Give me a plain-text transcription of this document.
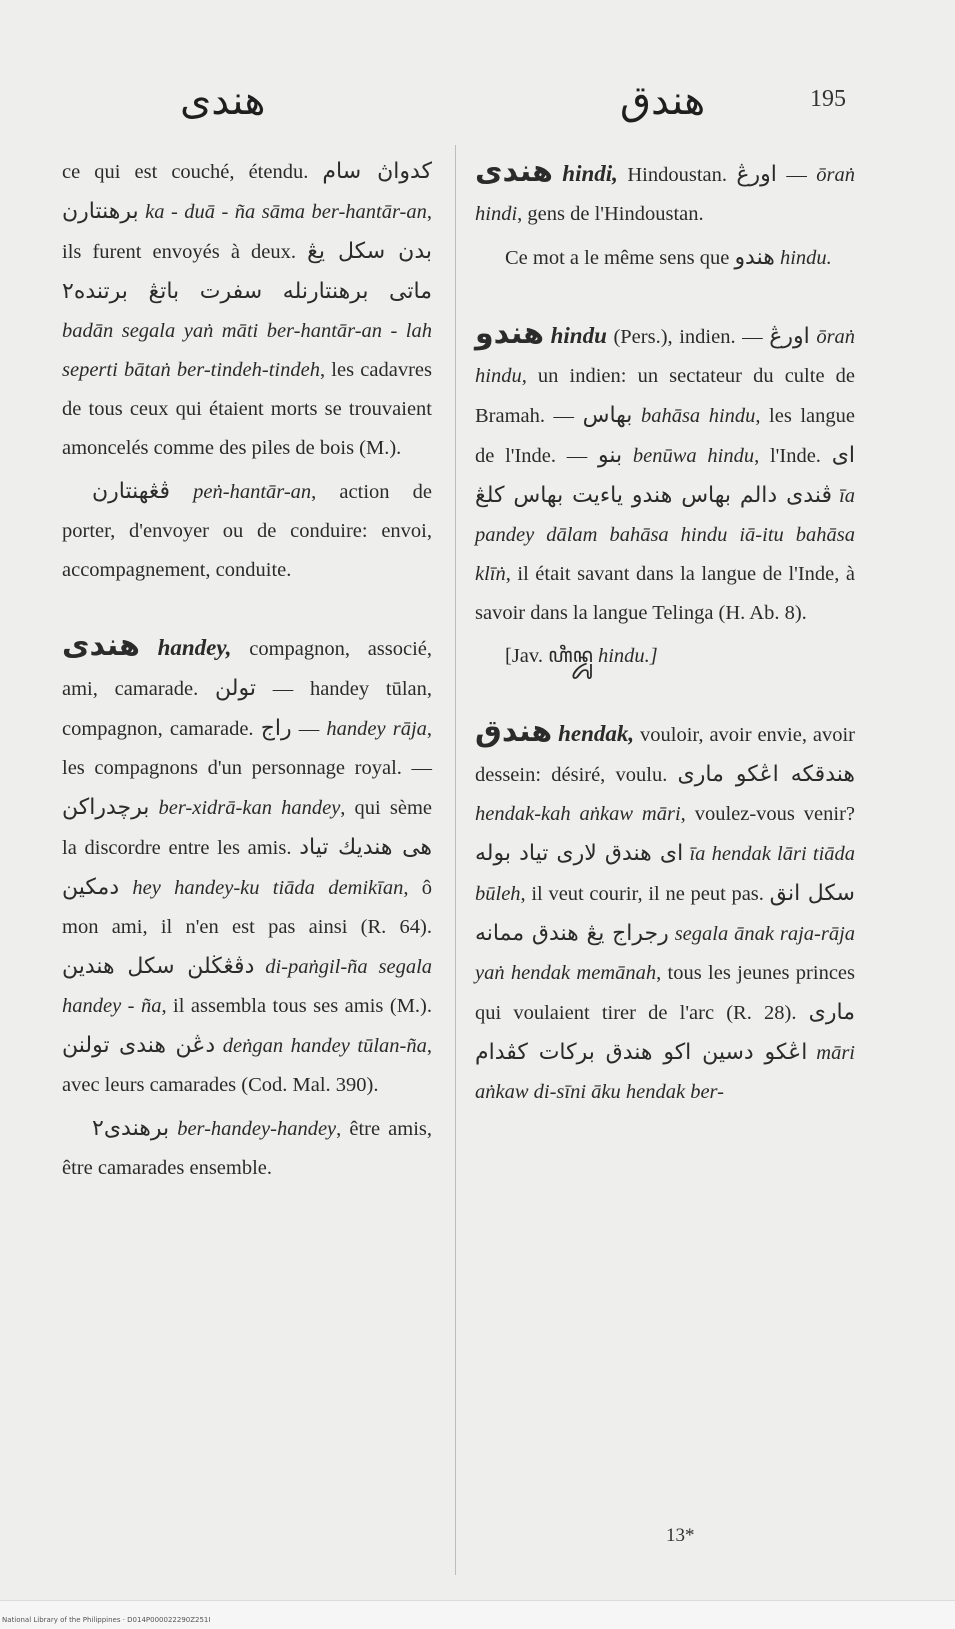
هندى	هندق	195

ce qui est couché, étendu. كدواڽ سام برهنتارن ka - duā - ña sāma ber-hantār-an, ils furent envoyés à deux. بدن سكل يڠ ماتى برهنتارنله سفرت باتڠ برتنده٢ badān segala yaṅ māti ber-hantār-an - lah seperti bātaṅ ber-tindeh-tindeh, les cadavres de tous ceux qui étaient morts se trouvaient amoncelés comme des piles de bois (M.).

ڤڠهنتارن peṅ-hantār-an, action de porter, d'envoyer ou de conduire: envoi, accompagnement, conduite.

هندى handey, compagnon, associé, ami, camarade. تولن — handey tūlan, compagnon, camarade. راج — handey rāja, les compagnons d'un personnage royal. — برچدراكن ber-xidrā-kan handey, qui sème la discordre entre les amis. هى هنديك تياد دمكين hey handey-ku tiāda demikīan, ô mon ami, il n'en est pas ainsi (R. 64). دڤڠڬلن سكل هندين di-paṅgil-ña segala handey - ña, il assembla tous ses amis (M.). دڠن هندى تولنن deṅgan handey tūlan-ña, avec leurs camarades (Cod. Mal. 390).

برهندى٢ ber-handey-handey, être amis, être camarades ensemble.

هندى hindi, Hindoustan. اورڠ — ōraṅ hindi, gens de l'Hindoustan.

Ce mot a le même sens que هندو hindu.

هندو hindu (Pers.), indien. — اورڠ ōraṅ hindu, un indien: un sectateur du culte de Bramah. — بهاس bahāsa hindu, les langue de l'Inde. — بنو benūwa hindu, l'Inde. اى ڤندى دالم بهاس هندو ياءيت بهاس كلڠ īa pandey dālam bahāsa hindu iā-itu bahāsa klīṅ, il était savant dans la langue de l'Inde, à savoir dans la langue Telinga (H. Ab. 8).

[Jav. ꦲꦶꦤ꧀ꦢꦸ hindu.]

هندق hendak, vouloir, avoir envie, avoir dessein: désiré, voulu. هندقكه اڠكو مارى hendak-kah aṅkaw māri, voulez-vous venir? اى هندق لارى تياد بوله īa hendak lāri tiāda būleh, il veut courir, il ne peut pas. سكل انق رجراج يڠ هندق ممانه segala ānak raja-rāja yaṅ hendak memānah, tous les jeunes princes qui voulaient tirer de l'arc (R. 28). مارى اڠكو دسين اكو هندق بركات كڤدام māri aṅkaw di-sīni āku hendak ber-

13*
National Library of the Philippines · D014P000022290Z251I
